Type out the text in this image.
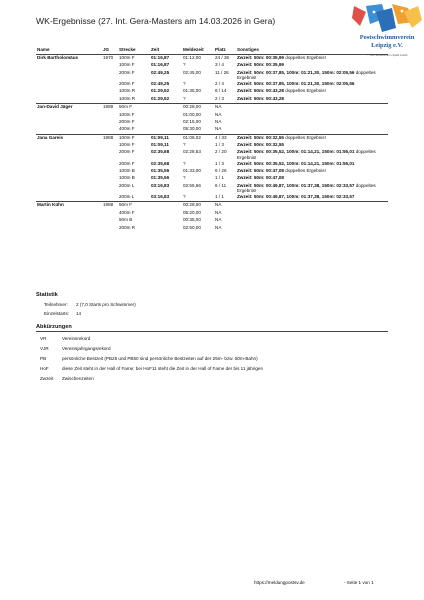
WK-Ergebnisse (27. Int. Gera-Masters am 14.03.2026 in Gera)
Postschwimmverein
Leipzig e.V.
… von Schwimmern Spaß macht
Name	JG	Strecke	Zeit	Meldezeit	Platz	Sonstiges
Dirk Bartholomäus	1970	100m F	01:16,87	01:12,00	24 / 36	Zwzeit: 50m: 00:35,99 doppeltes Ergebnis!
		100m F	01:16,87	?	3 / 4	Zwzeit: 50m: 00:35,99
		200m F	02:49,25	02:45,00	11 / 26	Zwzeit: 50m: 00:37,85, 100m: 01:21,30, 150m: 02:05,56 doppeltes Ergebnis!
		200m F	02:49,25	?	2 / 4	Zwzeit: 50m: 00:37,85, 100m: 01:21,30, 150m: 02:05,56
		100m R	01:29,52	01:35,00	8 / 14	Zwzeit: 50m: 00:43,28 doppeltes Ergebnis!
		100m R	01:29,52	?	2 / 3	Zwzeit: 50m: 00:43,28
Jan-David Jäger	1989	50m F		00:28,00	NA	
		100m F		01:00,00	NA	
		200m F		02:15,00	NA	
		400m F		05:30,00	NA	
Jana Gareis	1988	100m F	01:09,11	01:08,02	4 / 33	Zwzeit: 50m: 00:32,55 doppeltes Ergebnis!
		100m F	01:09,11	?	1 / 3	Zwzeit: 50m: 00:32,55
		200m F	02:35,68	02:28,53	2 / 20	Zwzeit: 50m: 00:35,52, 100m: 01:14,21, 150m: 01:55,01 doppeltes Ergebnis!
		200m F	02:35,68	?	1 / 3	Zwzeit: 50m: 00:35,52, 100m: 01:14,21, 150m: 01:55,01
		100m B	01:35,56	01:33,00	6 / 26	Zwzeit: 50m: 00:47,08 doppeltes Ergebnis!
		100m B	01:35,56	?	1 / 1	Zwzeit: 50m: 00:47,08
		200m L	03:16,83	02:55,66	6 / 11	Zwzeit: 50m: 00:49,87, 100m: 01:37,38, 150m: 02:33,57 doppeltes Ergebnis!
		200m L	03:16,83	?	1 / 1	Zwzeit: 50m: 00:49,87, 100m: 01:37,38, 150m: 02:33,57
Martin Kühn	1988	50m F		00:28,00	NA	
		400m F		05:20,00	NA	
		50m B		00:35,00	NA	
		200m R		02:50,00	NA	
Statistik
Teilnehmer: 2 (7,0 Starts pro Schwimmer)
Einzelstarts: 14
Abkürzungen
VR	Vereinsrekord
VJR	Vereinsjahrgangsrekord
PB	persönliche Bestzeit (PB25 und PB50 sind persönliche Bestzeiten auf der 25m- bzw. 50m-Bahn)
HoF	diese Zeit steht in der Hall of Fame; bei HoF11 steht die Zeit in der Hall of Fame der bis 11 jährigen
Zwzeit Zwischenzeiten
https://meldungpostsv.de	- Seite 1 von 1
